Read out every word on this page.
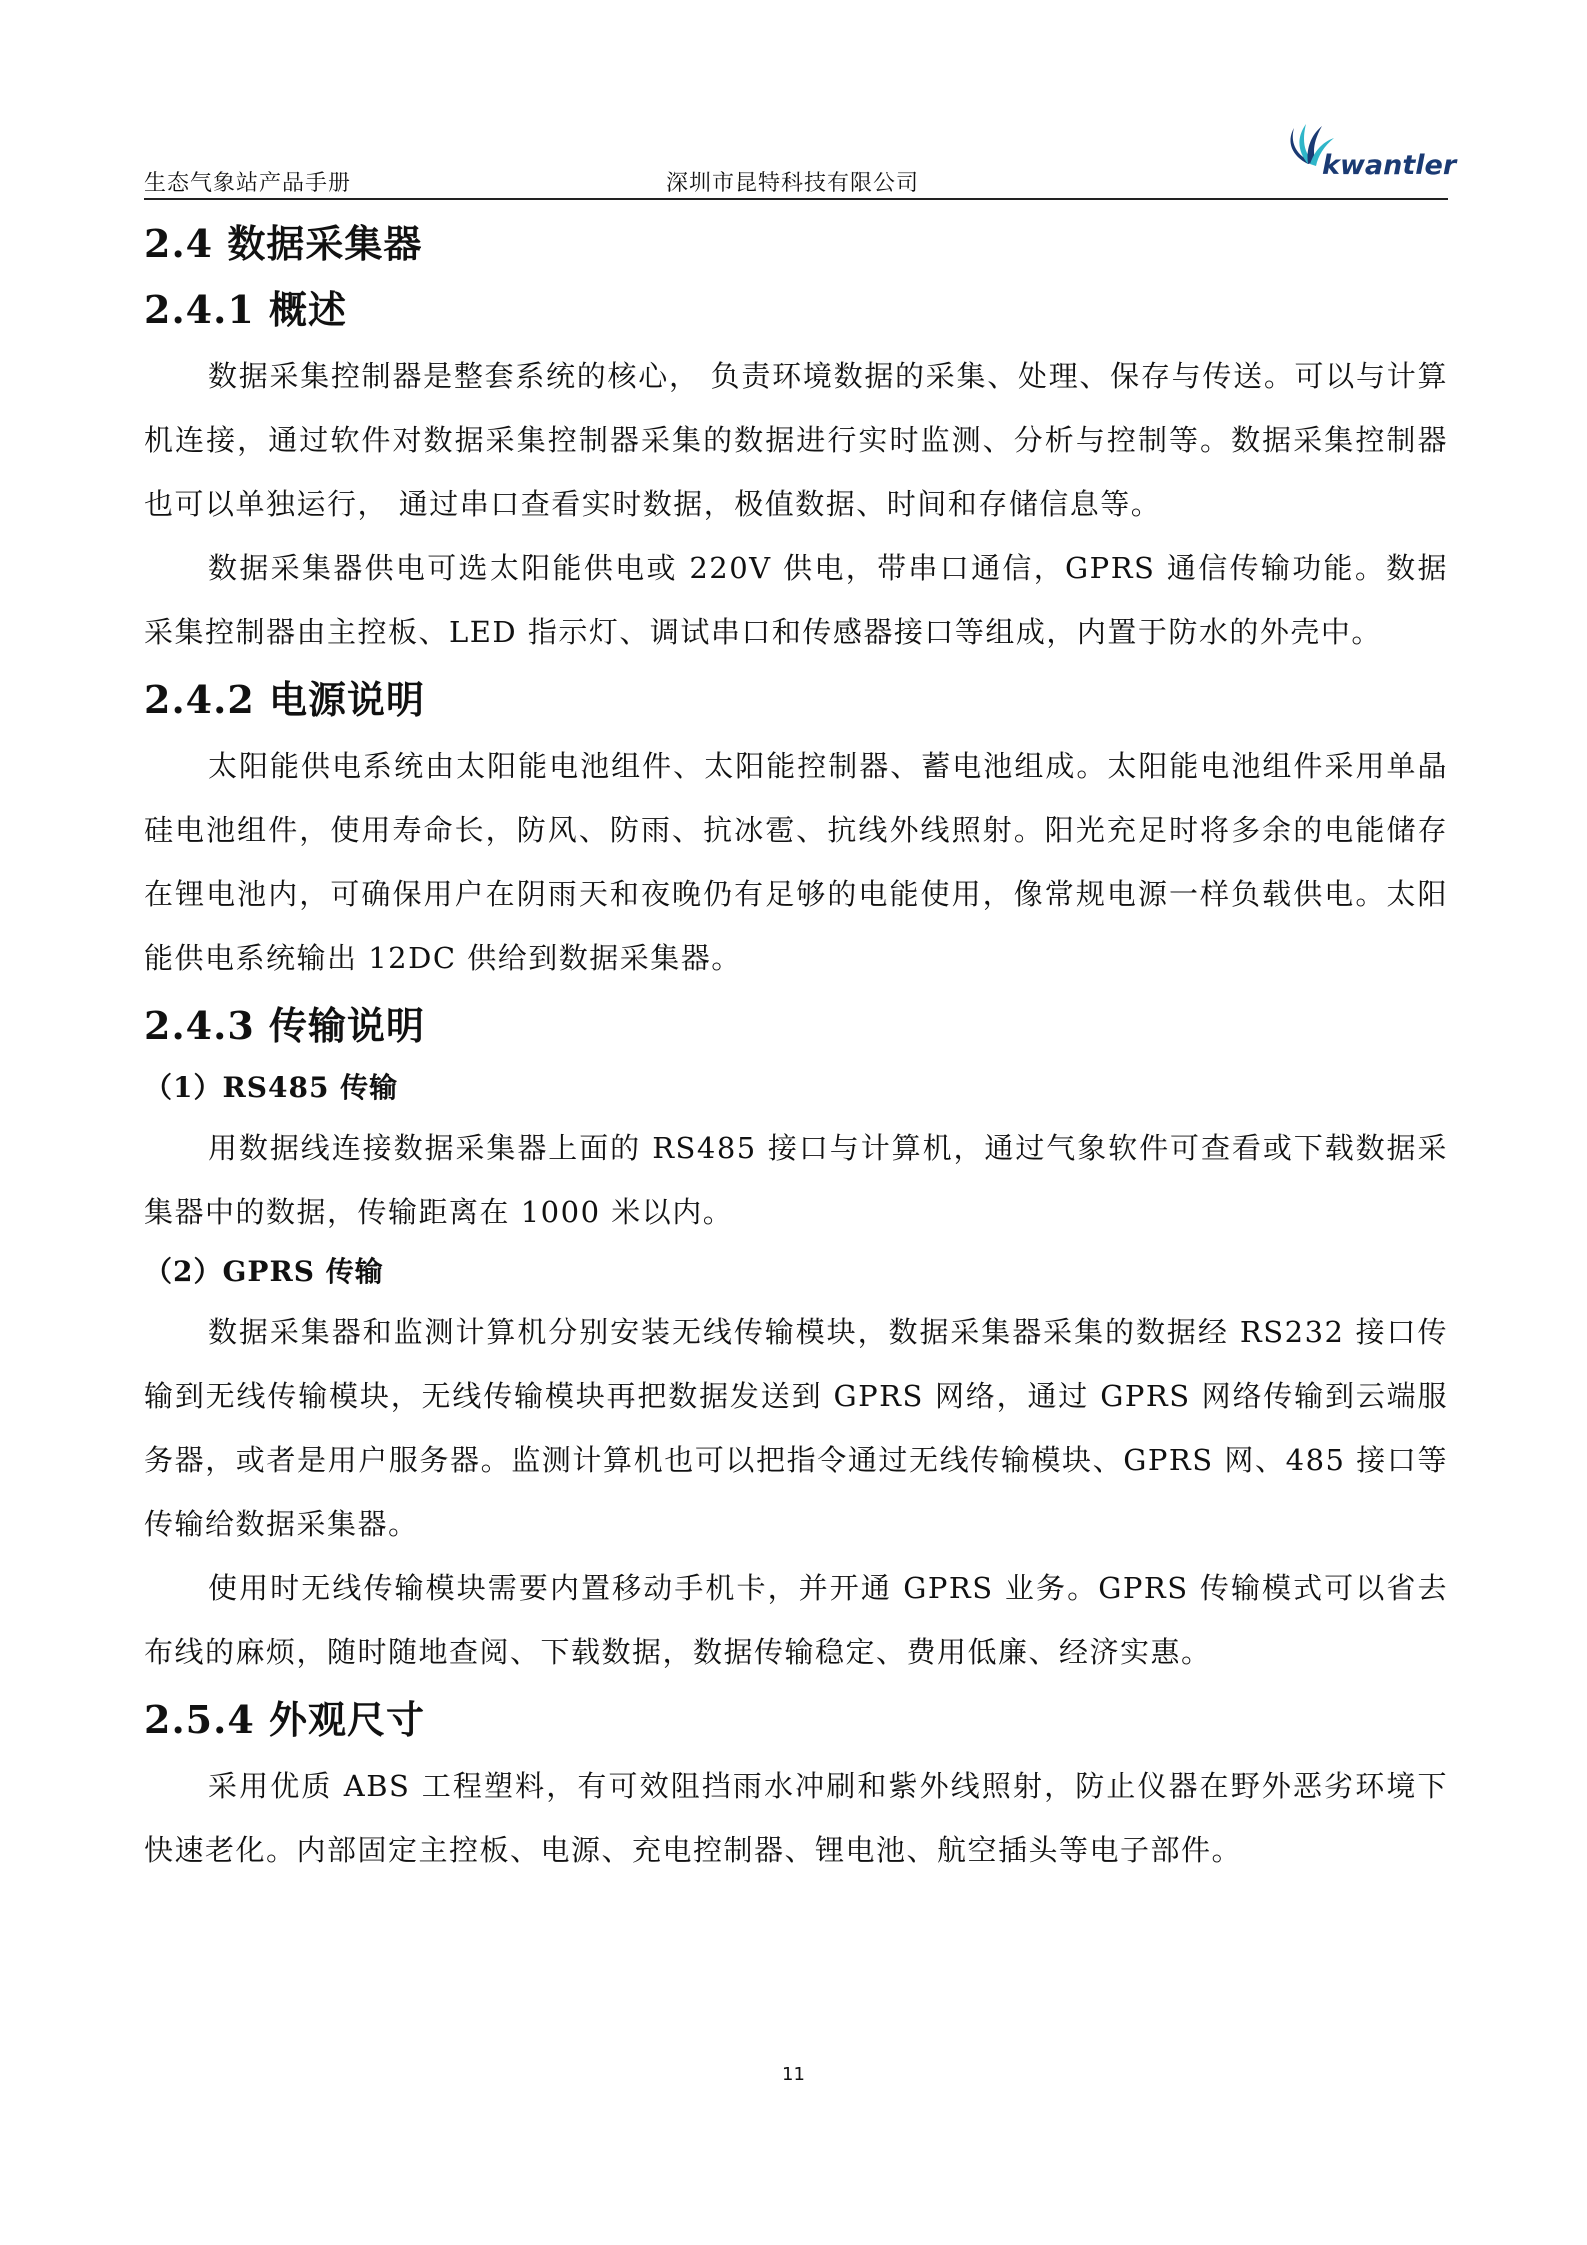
生态气象站产品手册	深圳市昆特科技有限公司
kwantler
2.4 数据采集器
2.4.1 概述

数据采集控制器是整套系统的核心， 负责环境数据的采集、处理、保存与传送。可以与计算机连接，通过软件对数据采集控制器采集的数据进行实时监测、分析与控制等。数据采集控制器也可以单独运行， 通过串口查看实时数据，极值数据、时间和存储信息等。

数据采集器供电可选太阳能供电或 220V 供电，带串口通信，GPRS 通信传输功能。数据采集控制器由主控板、LED 指示灯、调试串口和传感器接口等组成，内置于防水的外壳中。

2.4.2 电源说明

太阳能供电系统由太阳能电池组件、太阳能控制器、蓄电池组成。太阳能电池组件采用单晶硅电池组件，使用寿命长，防风、防雨、抗冰雹、抗线外线照射。阳光充足时将多余的电能储存在锂电池内，可确保用户在阴雨天和夜晚仍有足够的电能使用，像常规电源一样负载供电。太阳能供电系统输出 12DC 供给到数据采集器。

2.4.3 传输说明
（1）RS485 传输

用数据线连接数据采集器上面的 RS485 接口与计算机，通过气象软件可查看或下载数据采集器中的数据，传输距离在 1000 米以内。

（2）GPRS 传输

数据采集器和监测计算机分别安装无线传输模块，数据采集器采集的数据经 RS232 接口传输到无线传输模块，无线传输模块再把数据发送到 GPRS 网络，通过 GPRS 网络传输到云端服务器，或者是用户服务器。监测计算机也可以把指令通过无线传输模块、GPRS 网、485 接口等传输给数据采集器。

使用时无线传输模块需要内置移动手机卡，并开通 GPRS 业务。GPRS 传输模式可以省去布线的麻烦，随时随地查阅、下载数据，数据传输稳定、费用低廉、经济实惠。

2.5.4 外观尺寸

采用优质 ABS 工程塑料，有可效阻挡雨水冲刷和紫外线照射，防止仪器在野外恶劣环境下快速老化。内部固定主控板、电源、充电控制器、锂电池、航空插头等电子部件。

11
